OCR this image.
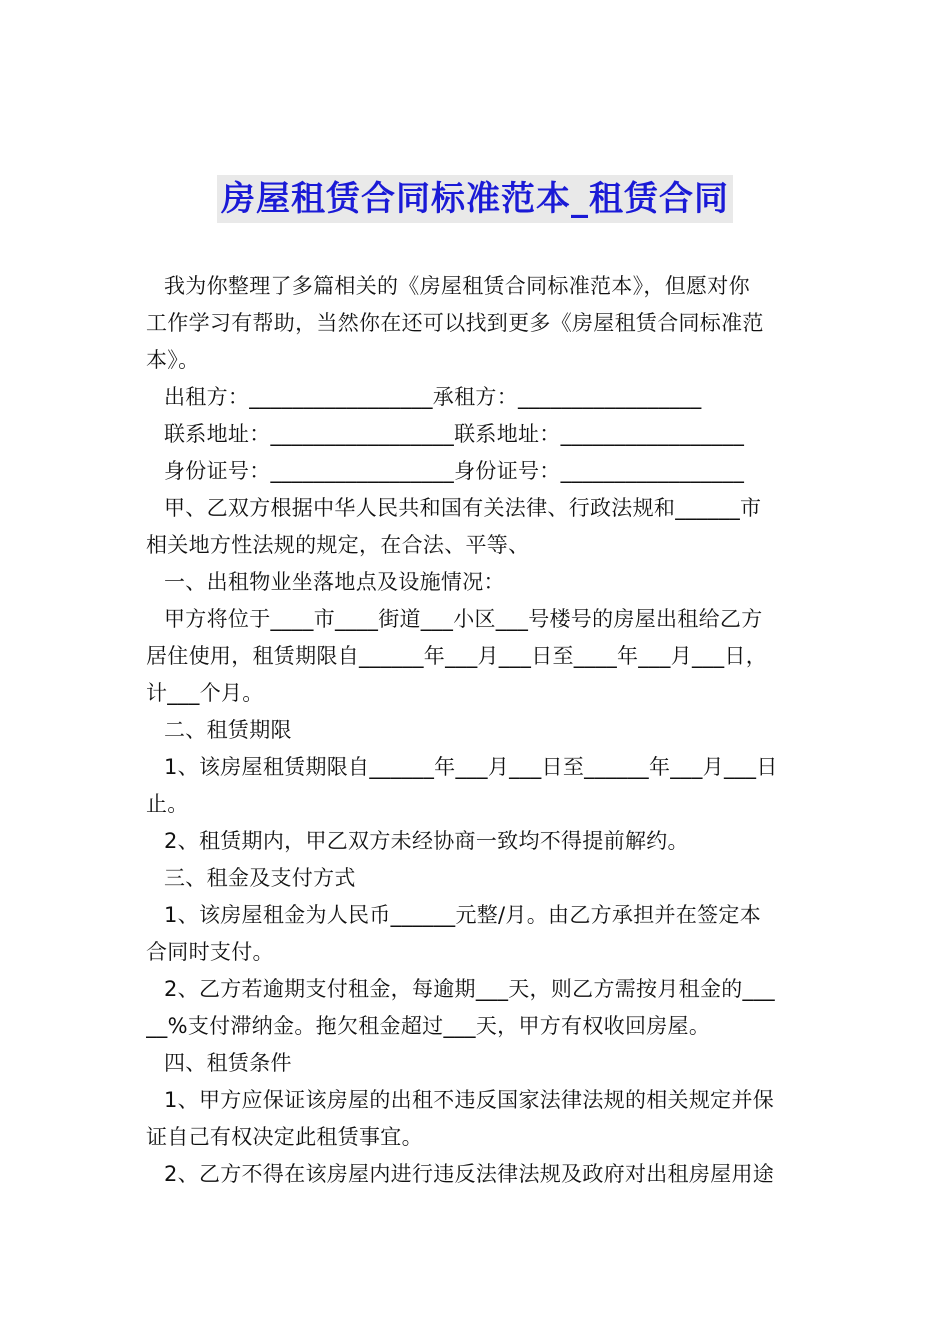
房屋租赁合同标准范本_租赁合同

我为你整理了多篇相关的《房屋租赁合同标准范本》，但愿对你

工作学习有帮助，当然你在还可以找到更多《房屋租赁合同标准范

本》。

出租方：_________________承租方：_________________

联系地址：_________________联系地址：_________________

身份证号：_________________身份证号：_________________

甲、乙双方根据中华人民共和国有关法律、行政法规和______市

相关地方性法规的规定，在合法、平等、

一、出租物业坐落地点及设施情况：

甲方将位于____市____街道___小区___号楼号的房屋出租给乙方

居住使用，租赁期限自______年___月___日至____年___月___日，

计___个月。

二、租赁期限

1、该房屋租赁期限自______年___月___日至______年___月___日

止。

2、租赁期内，甲乙双方未经协商一致均不得提前解约。

三、租金及支付方式

1、该房屋租金为人民币______元整/月。由乙方承担并在签定本

合同时支付。

2、乙方若逾期支付租金，每逾期___天，则乙方需按月租金的___

__%支付滞纳金。拖欠租金超过___天，甲方有权收回房屋。

四、租赁条件

1、甲方应保证该房屋的出租不违反国家法律法规的相关规定并保

证自己有权决定此租赁事宜。

2、乙方不得在该房屋内进行违反法律法规及政府对出租房屋用途
